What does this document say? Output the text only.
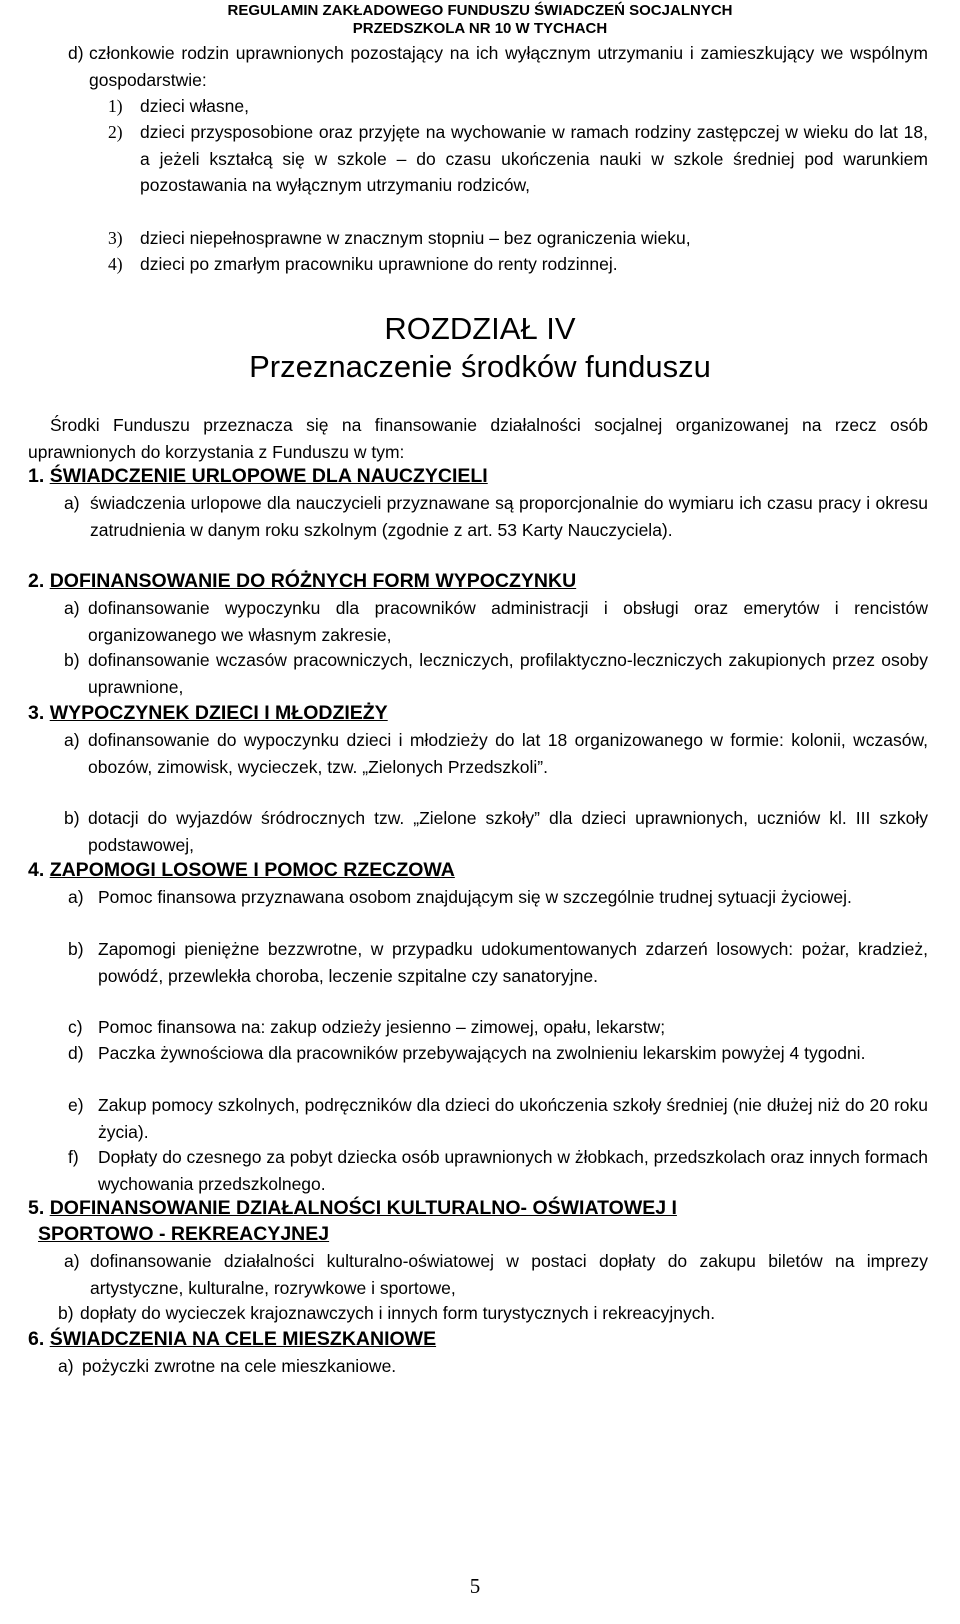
REGULAMIN ZAKŁADOWEGO FUNDUSZU ŚWIADCZEŃ SOCJALNYCH
PRZEDSZKOLA NR 10 W TYCHACH
d) członkowie rodzin uprawnionych pozostający na ich wyłącznym utrzymaniu i zamieszkujący we wspólnym gospodarstwie:
1) dzieci własne,
2) dzieci przysposobione oraz przyjęte na wychowanie w ramach rodziny zastępczej w wieku do lat 18, a jeżeli kształcą się w szkole – do czasu ukończenia nauki w szkole średniej pod warunkiem pozostawania na wyłącznym utrzymaniu rodziców,
3) dzieci niepełnosprawne w znacznym stopniu – bez ograniczenia wieku,
4) dzieci po zmarłym pracowniku uprawnione do renty rodzinnej.
ROZDZIAŁ IV
Przeznaczenie środków funduszu

Środki Funduszu przeznacza się na finansowanie działalności socjalnej organizowanej na rzecz osób uprawnionych do korzystania z Funduszu w tym:

1. ŚWIADCZENIE URLOPOWE DLA NAUCZYCIELI
a) świadczenia urlopowe dla nauczycieli przyznawane są proporcjonalnie do wymiaru ich czasu pracy i okresu zatrudnienia w danym roku szkolnym (zgodnie z art. 53 Karty Nauczyciela).
2. DOFINANSOWANIE DO RÓŻNYCH FORM WYPOCZYNKU
a) dofinansowanie wypoczynku dla pracowników administracji i obsługi oraz emerytów i rencistów organizowanego we własnym zakresie,
b) dofinansowanie wczasów pracowniczych, leczniczych, profilaktyczno-leczniczych zakupionych przez osoby uprawnione,
3. WYPOCZYNEK DZIECI I MŁODZIEŻY
a) dofinansowanie do wypoczynku dzieci i młodzieży do lat 18 organizowanego w formie: kolonii, wczasów, obozów, zimowisk, wycieczek, tzw. „Zielonych Przedszkoli”.
b) dotacji do wyjazdów śródrocznych tzw. „Zielone szkoły” dla dzieci uprawnionych, uczniów kl. III szkoły podstawowej,
4. ZAPOMOGI LOSOWE I POMOC RZECZOWA
a) Pomoc finansowa przyznawana osobom znajdującym się w szczególnie trudnej sytuacji życiowej.
b) Zapomogi pieniężne bezzwrotne, w przypadku udokumentowanych zdarzeń losowych: pożar, kradzież, powódź, przewlekła choroba, leczenie szpitalne czy sanatoryjne.
c) Pomoc finansowa na: zakup odzieży jesienno – zimowej, opału, lekarstw;
d) Paczka żywnościowa dla pracowników przebywających na zwolnieniu lekarskim powyżej 4 tygodni.
e) Zakup pomocy szkolnych, podręczników dla dzieci do ukończenia szkoły średniej (nie dłużej niż do 20 roku życia).
f)	Dopłaty do czesnego za pobyt dziecka osób uprawnionych w żłobkach, przedszkolach oraz innych formach wychowania przedszkolnego.
5. DOFINANSOWANIE DZIAŁALNOŚCI KULTURALNO- OŚWIATOWEJ I
SPORTOWO - REKREACYJNEJ
a) dofinansowanie działalności kulturalno-oświatowej w postaci dopłaty do zakupu biletów na imprezy artystyczne, kulturalne, rozrywkowe i sportowe,
b) dopłaty do wycieczek krajoznawczych i innych form turystycznych i rekreacyjnych.
6. ŚWIADCZENIA NA CELE MIESZKANIOWE
a) pożyczki zwrotne na cele mieszkaniowe.
5
